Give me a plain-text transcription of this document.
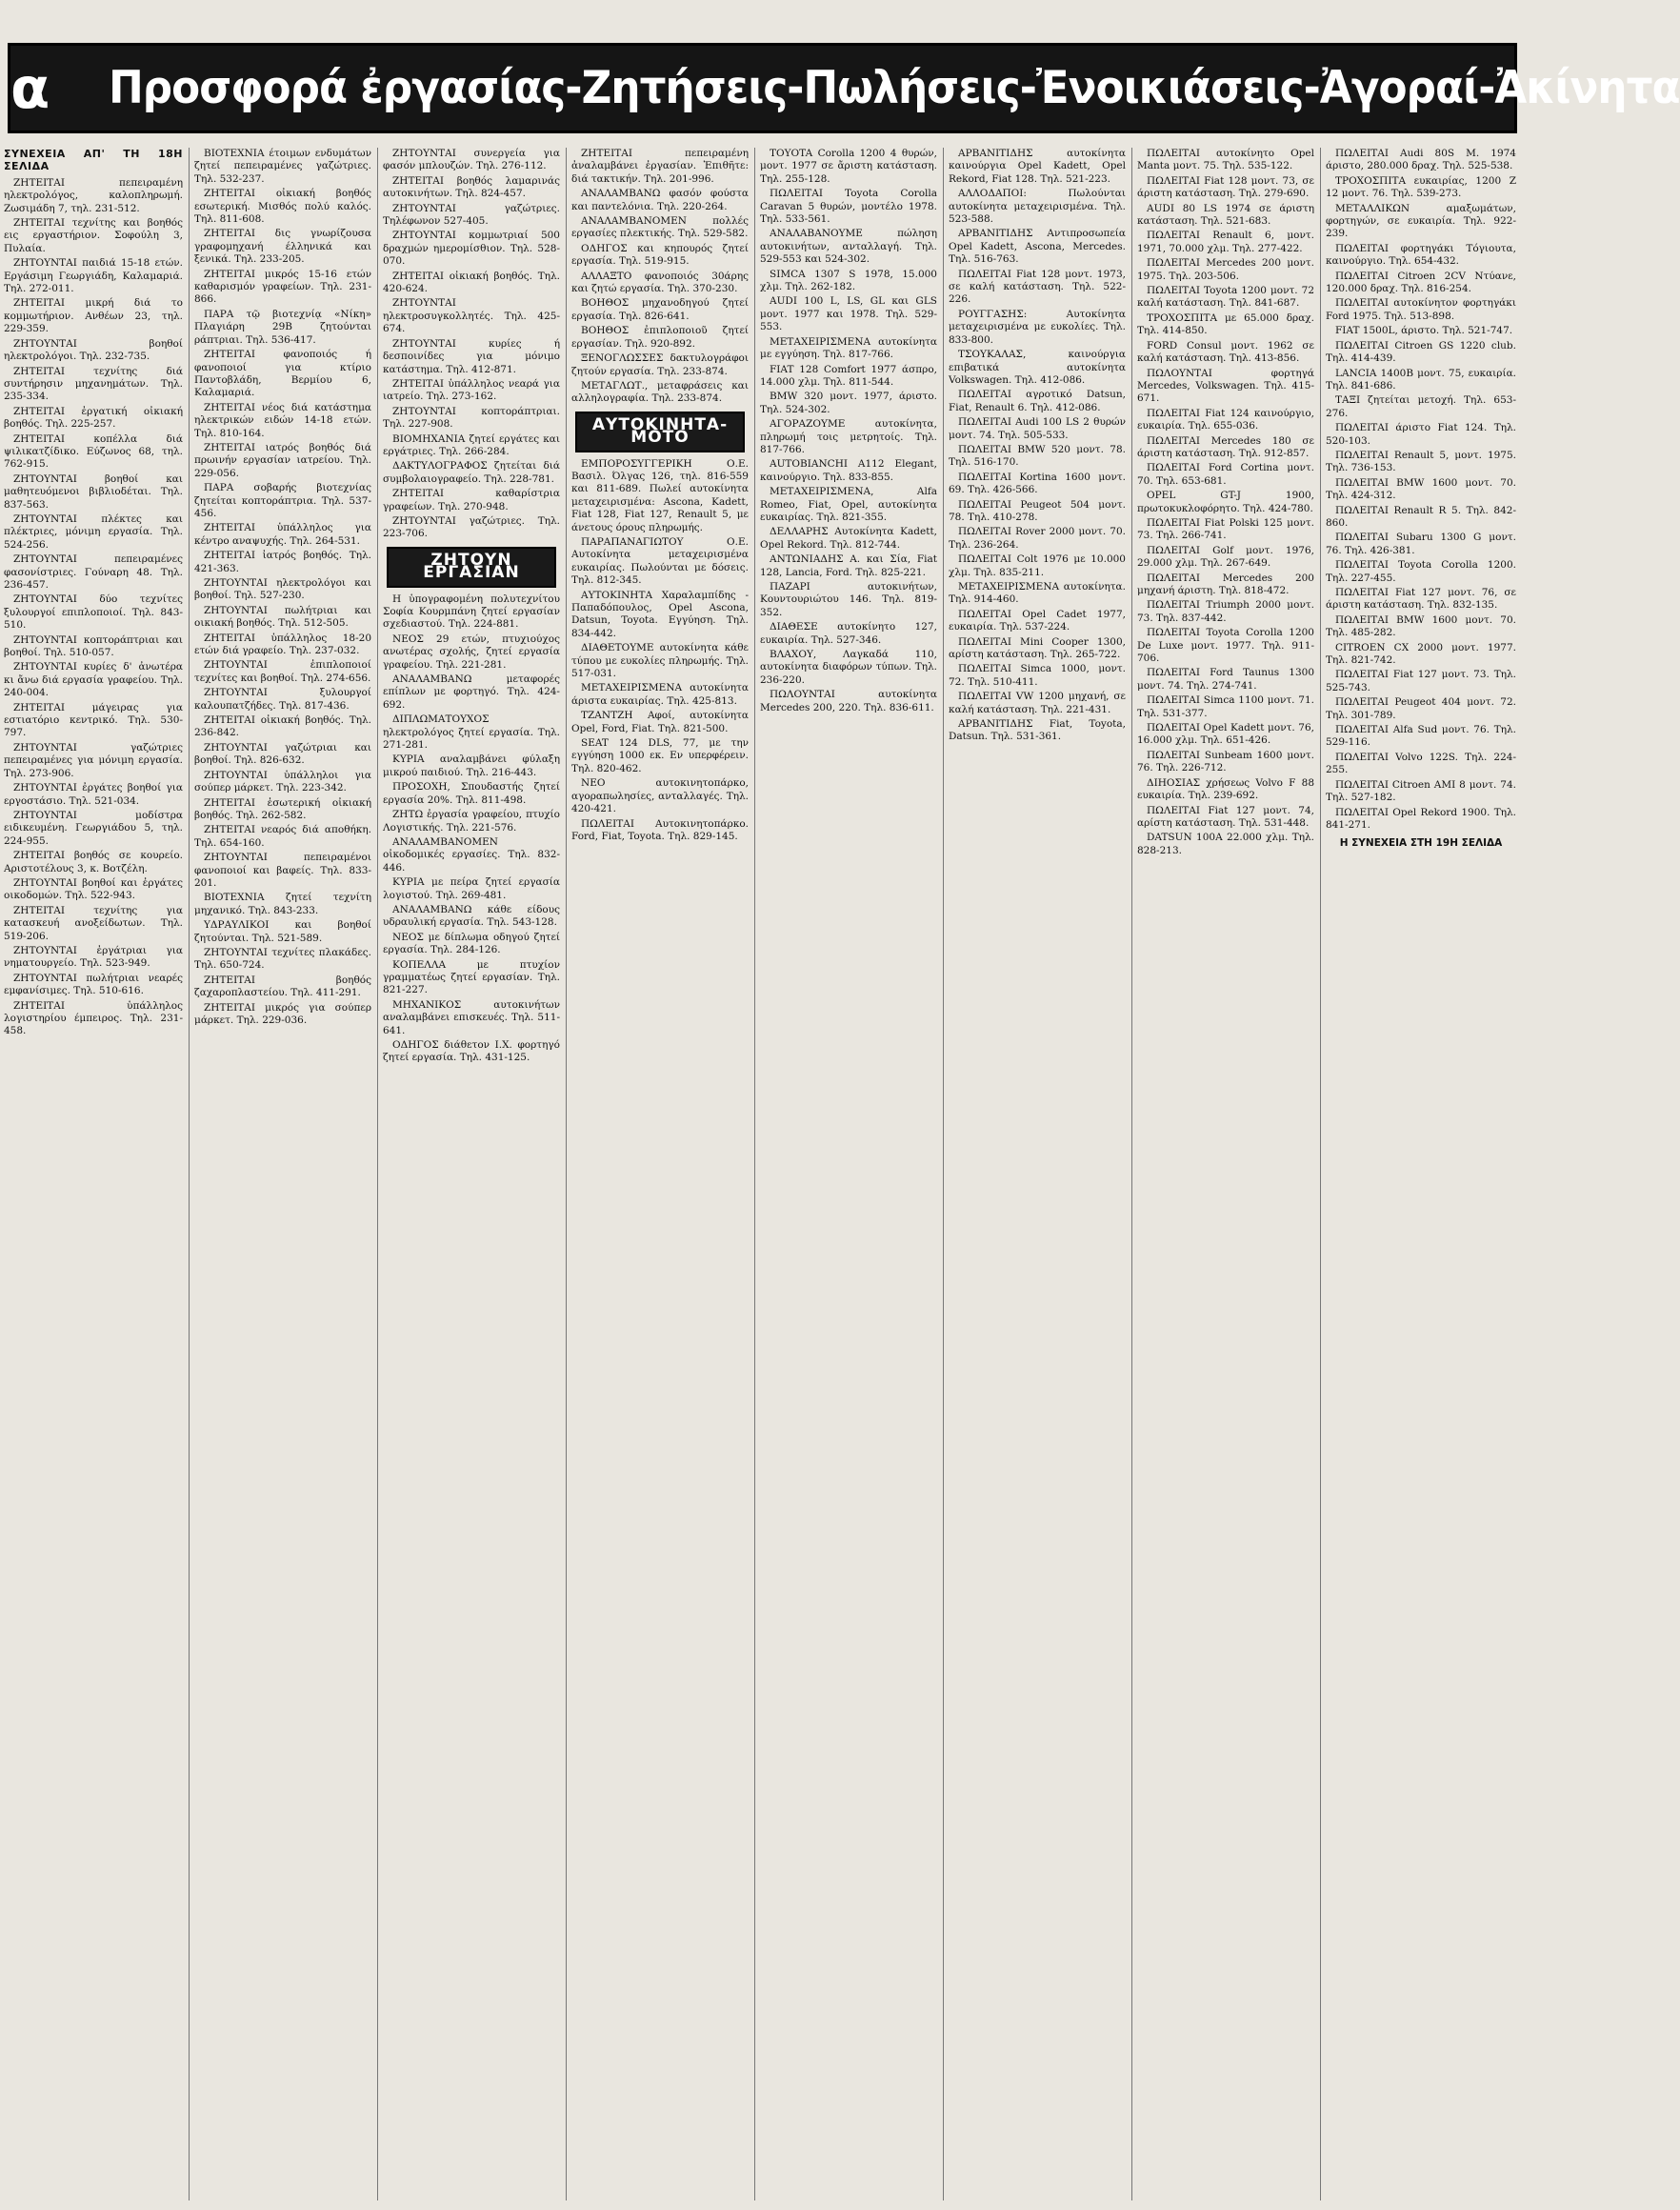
α Προσφορά ἐργασίας-Ζητήσεις-Πωλήσεις-Ἐνοικιάσεις-Ἀγοραί-Ἀκίνητα

ΣΥΝΕΧΕΙΑ ΑΠ' ΤΗ 18Η ΣΕΛΙΔΑ

ΖΗΤΕΙΤΑΙ πεπειραμένη ηλεκτρολόγος, καλοπληρωμή. Ζωσιμάδη 7, τηλ. 231-512.

ΖΗΤΕΙΤΑΙ τεχνίτης και βοηθός εις εργαστήριον. Σοφούλη 3, Πυλαία.

ΖΗΤΟΥΝΤΑΙ παιδιά 15-18 ετών. Εργάσιμη Γεωργιάδη, Καλαμαριά. Τηλ. 272-011.

ΖΗΤΕΙΤΑΙ μικρή διά το κομμωτήριον. Ανθέων 23, τηλ. 229-359.

ΖΗΤΟΥΝΤΑΙ βοηθοί ηλεκτρολόγοι. Τηλ. 232-735.

ΖΗΤΕΙΤΑΙ τεχνίτης διά συντήρησιν μηχανημάτων. Τηλ. 235-334.

ΖΗΤΕΙΤΑΙ ἐργατική οἰκιακή βοηθός. Τηλ. 225-257.

ΖΗΤΕΙΤΑΙ κοπέλλα διά ψιλικατζίδικο. Εύζωνος 68, τηλ. 762-915.

ΖΗΤΟΥΝΤΑΙ βοηθοί και μαθητευόμενοι βιβλιοδέται. Τηλ. 837-563.

ΖΗΤΟΥΝΤΑΙ πλέκτες και πλέκτριες, μόνιμη εργασία. Τηλ. 524-256.

ΖΗΤΟΥΝΤΑΙ πεπειραμένες φασονίστριες. Γούναρη 48. Τηλ. 236-457.

ΖΗΤΟΥΝΤΑΙ δύο τεχνίτες ξυλουργοί επιπλοποιοί. Τηλ. 843-510.

ΖΗΤΟΥΝΤΑΙ κοπτοράπτριαι και βοηθοί. Τηλ. 510-057.

ΖΗΤΟΥΝΤΑΙ κυρίες δ' ἀνωτέρα κι ἄνω διά εργασία γραφείου. Τηλ. 240-004.

ΖΗΤΕΙΤΑΙ μάγειρας για εστιατόριο κεντρικό. Τηλ. 530-797.

ΖΗΤΟΥΝΤΑΙ γαζώτριες πεπειραμένες για μόνιμη εργασία. Τηλ. 273-906.

ΖΗΤΟΥΝΤΑΙ ἐργάτες βοηθοί για εργοστάσιο. Τηλ. 521-034.

ΖΗΤΟΥΝΤΑΙ μοδίστρα ειδικευμένη. Γεωργιάδου 5, τηλ. 224-955.

ΖΗΤΕΙΤΑΙ βοηθός σε κουρείο. Αριστοτέλους 3, κ. Βοτζέλη.

ΖΗΤΟΥΝΤΑΙ βοηθοί και ἐργάτες οικοδομών. Τηλ. 522-943.

ΖΗΤΕΙΤΑΙ τεχνίτης για κατασκευή ανοξείδωτων. Τηλ. 519-206.

ΖΗΤΟΥΝΤΑΙ ἐργάτριαι για νηματουργείο. Τηλ. 523-949.

ΖΗΤΟΥΝΤΑΙ πωλήτριαι νεαρές εμφανίσιμες. Τηλ. 510-616.

ΖΗΤΕΙΤΑΙ ὑπάλληλος λογιστηρίου έμπειρος. Τηλ. 231-458.

ΒΙΟΤΕΧΝΙΑ έτοιμων ενδυμάτων ζητεί πεπειραμένες γαζώτριες. Τηλ. 532-237.

ΖΗΤΕΙΤΑΙ οἰκιακή βοηθός εσωτερική. Μισθός πολύ καλός. Τηλ. 811-608.

ΖΗΤΕΙΤΑΙ δις γνωρίζουσα γραφομηχανή έλληνικά και ξενικά. Τηλ. 233-205.

ΖΗΤΕΙΤΑΙ μικρός 15-16 ετών καθαρισμόν γραφείων. Τηλ. 231-866.

ΠΑΡΑ τῷ βιοτεχνίᾳ «Νίκη» Πλαγιάρη 29Β ζητούνται ράπτριαι. Τηλ. 536-417.

ΖΗΤΕΙΤΑΙ φανοποιός ή φανοποιοί για κτίριο Παντοβλάδη, Βερμίου 6, Καλαμαριά.

ΖΗΤΕΙΤΑΙ νέος διά κατάστημα ηλεκτρικών ειδών 14-18 ετών. Τηλ. 810-164.

ΖΗΤΕΙΤΑΙ ιατρός βοηθός διά πρωινήν εργασίαν ιατρείου. Τηλ. 229-056.

ΠΑΡΑ σοβαρής βιοτεχνίας ζητείται κοπτοράπτρια. Τηλ. 537-456.

ΖΗΤΕΙΤΑΙ ὑπάλληλος για κέντρο αναψυχής. Τηλ. 264-531.

ΖΗΤΕΙΤΑΙ ἰατρός βοηθός. Τηλ. 421-363.

ΖΗΤΟΥΝΤΑΙ ηλεκτρολόγοι και βοηθοί. Τηλ. 527-230.

ΖΗΤΟΥΝΤΑΙ πωλήτριαι και οικιακή βοηθός. Τηλ. 512-505.

ΖΗΤΕΙΤΑΙ ὑπάλληλος 18-20 ετών διά γραφείο. Τηλ. 237-032.

ΖΗΤΟΥΝΤΑΙ ἐπιπλοποιοί τεχνίτες και βοηθοί. Τηλ. 274-656.

ΖΗΤΟΥΝΤΑΙ ξυλουργοί καλουπατζήδες. Τηλ. 817-436.

ΖΗΤΕΙΤΑΙ οἰκιακή βοηθός. Τηλ. 236-842.

ΖΗΤΟΥΝΤΑΙ γαζώτριαι και βοηθοί. Τηλ. 826-632.

ΖΗΤΟΥΝΤΑΙ ὑπάλληλοι για σούπερ μάρκετ. Τηλ. 223-342.

ΖΗΤΕΙΤΑΙ ἐσωτερική οἰκιακή βοηθός. Τηλ. 262-582.

ΖΗΤΕΙΤΑΙ νεαρός διά αποθήκη. Τηλ. 654-160.

ΖΗΤΟΥΝΤΑΙ πεπειραμένοι φανοποιοί και βαφείς. Τηλ. 833-201.

ΒΙΟΤΕΧΝΙΑ ζητεί τεχνίτη μηχανικό. Τηλ. 843-233.

ΥΔΡΑΥΛΙΚΟΙ και βοηθοί ζητούνται. Τηλ. 521-589.

ΖΗΤΟΥΝΤΑΙ τεχνίτες πλακάδες. Τηλ. 650-724.

ΖΗΤΕΙΤΑΙ βοηθός ζαχαροπλαστείου. Τηλ. 411-291.

ΖΗΤΕΙΤΑΙ μικρός για σούπερ μάρκετ. Τηλ. 229-036.

ΖΗΤΟΥΝΤΑΙ συνεργεία για φασόν μπλουζών. Τηλ. 276-112.

ΖΗΤΕΙΤΑΙ βοηθός λαμαρινάς αυτοκινήτων. Τηλ. 824-457.

ΖΗΤΟΥΝΤΑΙ γαζώτριες. Τηλέφωνον 527-405.

ΖΗΤΟΥΝΤΑΙ κομμωτριαί 500 δραχμών ημερομίσθιον. Τηλ. 528-070.

ΖΗΤΕΙΤΑΙ οἰκιακή βοηθός. Τηλ. 420-624.

ΖΗΤΟΥΝΤΑΙ ηλεκτροσυγκολλητές. Τηλ. 425-674.

ΖΗΤΟΥΝΤΑΙ κυρίες ή δεσποινίδες για μόνιμο κατάστημα. Τηλ. 412-871.

ΖΗΤΕΙΤΑΙ ὑπάλληλος νεαρά για ιατρείο. Τηλ. 273-162.

ΖΗΤΟΥΝΤΑΙ κοπτοράπτριαι. Τηλ. 227-908.

ΒΙΟΜΗΧΑΝΙΑ ζητεί εργάτες και εργάτριες. Τηλ. 266-284.

ΔΑΚΤΥΛΟΓΡΑΦΟΣ ζητείται διά συμβολαιογραφείο. Τηλ. 228-781.

ΖΗΤΕΙΤΑΙ καθαρίστρια γραφείων. Τηλ. 270-948.

ΖΗΤΟΥΝΤΑΙ γαζώτριες. Τηλ. 223-706.

ΖΗΤΟΥΝ ΕΡΓΑΣΙΑΝ

Η ὑπογραφομένη πολυτεχνίτου Σοφία Κουρμπάνη ζητεί εργασίαν σχεδιαστού. Τηλ. 224-881.

ΝΕΟΣ 29 ετών, πτυχιούχος ανωτέρας σχολής, ζητεί εργασία γραφείου. Τηλ. 221-281.

ΑΝΑΛΑΜΒΑΝΩ μεταφορές επίπλων με φορτηγό. Τηλ. 424-692.

ΔΙΠΛΩΜΑΤΟΥΧΟΣ ηλεκτρολόγος ζητεί εργασία. Τηλ. 271-281.

ΚΥΡΙΑ αναλαμβάνει φύλαξη μικρού παιδιού. Τηλ. 216-443.

ΠΡΟΣΟΧΗ, Σπουδαστής ζητεί εργασία 20%. Τηλ. 811-498.

ΖΗΤΩ ἐργασία γραφείου, πτυχίο Λογιστικής. Τηλ. 221-576.

ΑΝΑΛΑΜΒΑΝΟΜΕΝ οἰκοδομικές εργασίες. Τηλ. 832-446.

ΚΥΡΙΑ με πείρα ζητεί εργασία λογιστού. Τηλ. 269-481.

ΑΝΑΛΑΜΒΑΝΩ κάθε είδους υδραυλική εργασία. Τηλ. 543-128.

ΝΕΟΣ με δίπλωμα οδηγού ζητεί εργασία. Τηλ. 284-126.

ΚΟΠΕΛΛΑ με πτυχίον γραμματέως ζητεί εργασίαν. Τηλ. 821-227.

ΜΗΧΑΝΙΚΟΣ αυτοκινήτων αναλαμβάνει επισκευές. Τηλ. 511-641.

ΟΔΗΓΟΣ διάθετον Ι.Χ. φορτηγό ζητεί εργασία. Τηλ. 431-125.

ΖΗΤΕΙΤΑΙ πεπειραμένη ἀναλαμβάνει ἐργασίαν. Ἐπιθῆτε: διά τακτικήν. Τηλ. 201-996.

ΑΝΑΛΑΜΒΑΝΩ φασόν φούστα και παντελόνια. Τηλ. 220-264.

ΑΝΑΛΑΜΒΑΝΟΜΕΝ πολλές εργασίες πλεκτικής. Τηλ. 529-582.

ΟΔΗΓΟΣ και κηπουρός ζητεί εργασία. Τηλ. 519-915.

ΑΛΛΑΞΤΟ φανοποιός 30άρης και ζητώ εργασία. Τηλ. 370-230.

ΒΟΗΘΟΣ μηχανοδηγού ζητεί εργασία. Τηλ. 826-641.

ΒΟΗΘΟΣ ἐπιπλοποιοῦ ζητεί εργασίαν. Τηλ. 920-892.

ΞΕΝΟΓΛΩΣΣΕΣ δακτυλογράφοι ζητούν εργασία. Τηλ. 233-874.

ΜΕΤΑΓΛΩΤ., μεταφράσεις και αλληλογραφία. Τηλ. 233-874.

ΑΥΤΟΚΙΝΗΤΑ-ΜΟΤΟ

ΕΜΠΟΡΟΣΥΓΓΕΡΙΚΗ Ο.Ε. Βασιλ. Όλγας 126, τηλ. 816-559 και 811-689. Πωλεί αυτοκίνητα μεταχειρισμένα: Ascona, Kadett, Fiat 128, Fiat 127, Renault 5, με άνετους όρους πληρωμής.

ΠΑΡΑΠΑΝΑΓΙΩΤΟΥ Ο.Ε. Αυτοκίνητα μεταχειρισμένα ευκαιρίας. Πωλούνται με δόσεις. Τηλ. 812-345.

ΑΥΤΟΚΙΝΗΤΑ Χαραλαμπίδης - Παπαδόπουλος, Opel Ascona, Datsun, Toyota. Εγγύηση. Τηλ. 834-442.

ΔΙΑΘΕΤΟΥΜΕ αυτοκίνητα κάθε τύπου με ευκολίες πληρωμής. Τηλ. 517-031.

ΜΕΤΑΧΕΙΡΙΣΜΕΝΑ αυτοκίνητα άριστα ευκαιρίας. Τηλ. 425-813.

ΤΖΑΝΤΖΗ Αφοί, αυτοκίνητα Opel, Ford, Fiat. Τηλ. 821-500.

SEAT 124 DLS, 77, με την εγγύηση 1000 εκ. Εν υπερφέρειν. Τηλ. 820-462.

ΝΕΟ αυτοκινητοπάρκο, αγοραπωλησίες, ανταλλαγές. Τηλ. 420-421.

ΠΩΛΕΙΤΑΙ Αυτοκινητοπάρκο. Ford, Fiat, Toyota. Τηλ. 829-145.

TOYOTA Corolla 1200 4 θυρών, μοντ. 1977 σε ἄριστη κατάσταση. Τηλ. 255-128.

ΠΩΛΕΙΤΑΙ Toyota Corolla Caravan 5 θυρών, μοντέλο 1978. Τηλ. 533-561.

ΑΝΑΛΑΒΑΝΟΥΜΕ πώληση αυτοκινήτων, ανταλλαγή. Τηλ. 529-553 και 524-302.

SIMCA 1307 S 1978, 15.000 χλμ. Τηλ. 262-182.

AUDI 100 L, LS, GL και GLS μοντ. 1977 και 1978. Τηλ. 529-553.

ΜΕΤΑΧΕΙΡΙΣΜΕΝΑ αυτοκίνητα με εγγύηση. Τηλ. 817-766.

FIAT 128 Comfort 1977 άσπρο, 14.000 χλμ. Τηλ. 811-544.

BMW 320 μοντ. 1977, άριστο. Τηλ. 524-302.

ΑΓΟΡΑΖΟΥΜΕ αυτοκίνητα, πληρωμή τοις μετρητοίς. Τηλ. 817-766.

AUTOBIANCHI A112 Elegant, καινούργιο. Τηλ. 833-855.

ΜΕΤΑΧΕΙΡΙΣΜΕΝΑ, Alfa Romeo, Fiat, Opel, αυτοκίνητα ευκαιρίας. Τηλ. 821-355.

ΔΕΛΛΑΡΗΣ Αυτοκίνητα Kadett, Opel Rekord. Τηλ. 812-744.

ΑΝΤΩΝΙΑΔΗΣ Α. και Σία, Fiat 128, Lancia, Ford. Τηλ. 825-221.

ΠΑΖΑΡΙ αυτοκινήτων, Κουντουριώτου 146. Τηλ. 819-352.

ΔΙΑΘΕΣΕ αυτοκίνητο 127, ευκαιρία. Τηλ. 527-346.

ΒΛΑΧΟΥ, Λαγκαδά 110, αυτοκίνητα διαφόρων τύπων. Τηλ. 236-220.

ΠΩΛΟΥΝΤΑΙ αυτοκίνητα Mercedes 200, 220. Τηλ. 836-611.

ΑΡΒΑΝΙΤΙΔΗΣ αυτοκίνητα καινούργια Opel Kadett, Opel Rekord, Fiat 128. Τηλ. 521-223.

ΑΛΛΟΔΑΠΟΙ: Πωλούνται αυτοκίνητα μεταχειρισμένα. Τηλ. 523-588.

ΑΡΒΑΝΙΤΙΔΗΣ Αντιπροσωπεία Opel Kadett, Ascona, Mercedes. Τηλ. 516-763.

ΠΩΛΕΙΤΑΙ Fiat 128 μοντ. 1973, σε καλή κατάσταση. Τηλ. 522-226.

ΡΟΥΓΓΑΣΗΣ: Αυτοκίνητα μεταχειρισμένα με ευκολίες. Τηλ. 833-800.

ΤΣΟΥΚΑΛΑΣ, καινούργια επιβατικά αυτοκίνητα Volkswagen. Τηλ. 412-086.

ΠΩΛΕΙΤΑΙ αγροτικό Datsun, Fiat, Renault 6. Τηλ. 412-086.

ΠΩΛΕΙΤΑΙ Audi 100 LS 2 θυρών μοντ. 74. Τηλ. 505-533.

ΠΩΛΕΙΤΑΙ BMW 520 μοντ. 78. Τηλ. 516-170.

ΠΩΛΕΙΤΑΙ Kortina 1600 μοντ. 69. Τηλ. 426-566.

ΠΩΛΕΙΤΑΙ Peugeot 504 μοντ. 78. Τηλ. 410-278.

ΠΩΛΕΙΤΑΙ Rover 2000 μοντ. 70. Τηλ. 236-264.

ΠΩΛΕΙΤΑΙ Colt 1976 με 10.000 χλμ. Τηλ. 835-211.

ΜΕΤΑΧΕΙΡΙΣΜΕΝΑ αυτοκίνητα. Τηλ. 914-460.

ΠΩΛΕΙΤΑΙ Opel Cadet 1977, ευκαιρία. Τηλ. 537-224.

ΠΩΛΕΙΤΑΙ Mini Cooper 1300, αρίστη κατάσταση. Τηλ. 265-722.

ΠΩΛΕΙΤΑΙ Simca 1000, μοντ. 72. Τηλ. 510-411.

ΠΩΛΕΙΤΑΙ VW 1200 μηχανή, σε καλή κατάσταση. Τηλ. 221-431.

ΑΡΒΑΝΙΤΙΔΗΣ Fiat, Toyota, Datsun. Τηλ. 531-361.

ΠΩΛΕΙΤΑΙ αυτοκίνητο Opel Manta μοντ. 75. Τηλ. 535-122.

ΠΩΛΕΙΤΑΙ Fiat 128 μοντ. 73, σε άριστη κατάσταση. Τηλ. 279-690.

AUDI 80 LS 1974 σε άριστη κατάσταση. Τηλ. 521-683.

ΠΩΛΕΙΤΑΙ Renault 6, μοντ. 1971, 70.000 χλμ. Τηλ. 277-422.

ΠΩΛΕΙΤΑΙ Mercedes 200 μοντ. 1975. Τηλ. 203-506.

ΠΩΛΕΙΤΑΙ Toyota 1200 μοντ. 72 καλή κατάσταση. Τηλ. 841-687.

ΤΡΟΧΟΣΠΙΤΑ με 65.000 δραχ. Τηλ. 414-850.

FORD Consul μοντ. 1962 σε καλή κατάσταση. Τηλ. 413-856.

ΠΩΛΟΥΝΤΑΙ φορτηγά Mercedes, Volkswagen. Τηλ. 415-671.

ΠΩΛΕΙΤΑΙ Fiat 124 καινούργιο, ευκαιρία. Τηλ. 655-036.

ΠΩΛΕΙΤΑΙ Mercedes 180 σε άριστη κατάσταση. Τηλ. 912-857.

ΠΩΛΕΙΤΑΙ Ford Cortina μοντ. 70. Τηλ. 653-681.

OPEL GT-J 1900, πρωτοκυκλοφόρητο. Τηλ. 424-780.

ΠΩΛΕΙΤΑΙ Fiat Polski 125 μοντ. 73. Τηλ. 266-741.

ΠΩΛΕΙΤΑΙ Golf μοντ. 1976, 29.000 χλμ. Τηλ. 267-649.

ΠΩΛΕΙΤΑΙ Mercedes 200 μηχανή άριστη. Τηλ. 818-472.

ΠΩΛΕΙΤΑΙ Triumph 2000 μοντ. 73. Τηλ. 837-442.

ΠΩΛΕΙΤΑΙ Toyota Corolla 1200 De Luxe μοντ. 1977. Τηλ. 911-706.

ΠΩΛΕΙΤΑΙ Ford Taunus 1300 μοντ. 74. Τηλ. 274-741.

ΠΩΛΕΙΤΑΙ Simca 1100 μοντ. 71. Τηλ. 531-377.

ΠΩΛΕΙΤΑΙ Opel Kadett μοντ. 76, 16.000 χλμ. Τηλ. 651-426.

ΠΩΛΕΙΤΑΙ Sunbeam 1600 μοντ. 76. Τηλ. 226-712.

ΔΙΗΟΣΙΑΣ χρήσεως Volvo F 88 ευκαιρία. Τηλ. 239-692.

ΠΩΛΕΙΤΑΙ Fiat 127 μοντ. 74, αρίστη κατάσταση. Τηλ. 531-448.

DATSUN 100Α 22.000 χλμ. Τηλ. 828-213.

ΠΩΛΕΙΤΑΙ Audi 80S Μ. 1974 άριστο, 280.000 δραχ. Τηλ. 525-538.

ΤΡΟΧΟΣΠΙΤΑ ευκαιρίας, 1200 Ζ 12 μοντ. 76. Τηλ. 539-273.

ΜΕΤΑΛΛΙΚΩΝ αμαξωμάτων, φορτηγών, σε ευκαιρία. Τηλ. 922-239.

ΠΩΛΕΙΤΑΙ φορτηγάκι Τόγιουτα, καινούργιο. Τηλ. 654-432.

ΠΩΛΕΙΤΑΙ Citroen 2CV Ντύανε, 120.000 δραχ. Τηλ. 816-254.

ΠΩΛΕΙΤΑΙ αυτοκίνητον φορτηγάκι Ford 1975. Τηλ. 513-898.

FIAT 1500L, άριστο. Τηλ. 521-747.

ΠΩΛΕΙΤΑΙ Citroen GS 1220 club. Τηλ. 414-439.

LANCIA 1400Β μοντ. 75, ευκαιρία. Τηλ. 841-686.

ΤΑΞΙ ζητείται μετοχή. Τηλ. 653-276.

ΠΩΛΕΙΤΑΙ άριστο Fiat 124. Τηλ. 520-103.

ΠΩΛΕΙΤΑΙ Renault 5, μοντ. 1975. Τηλ. 736-153.

ΠΩΛΕΙΤΑΙ BMW 1600 μοντ. 70. Τηλ. 424-312.

ΠΩΛΕΙΤΑΙ Renault R 5. Τηλ. 842-860.

ΠΩΛΕΙΤΑΙ Subaru 1300 G μοντ. 76. Τηλ. 426-381.

ΠΩΛΕΙΤΑΙ Toyota Corolla 1200. Τηλ. 227-455.

ΠΩΛΕΙΤΑΙ Fiat 127 μοντ. 76, σε άριστη κατάσταση. Τηλ. 832-135.

ΠΩΛΕΙΤΑΙ BMW 1600 μοντ. 70. Τηλ. 485-282.

CITROEN CX 2000 μοντ. 1977. Τηλ. 821-742.

ΠΩΛΕΙΤΑΙ Fiat 127 μοντ. 73. Τηλ. 525-743.

ΠΩΛΕΙΤΑΙ Peugeot 404 μοντ. 72. Τηλ. 301-789.

ΠΩΛΕΙΤΑΙ Alfa Sud μοντ. 76. Τηλ. 529-116.

ΠΩΛΕΙΤΑΙ Volvo 122S. Τηλ. 224-255.

ΠΩΛΕΙΤΑΙ Citroen AMI 8 μοντ. 74. Τηλ. 527-182.

ΠΩΛΕΙΤΑΙ Opel Rekord 1900. Τηλ. 841-271.

Η ΣΥΝΕΧΕΙΑ ΣΤΗ 19Η ΣΕΛΙΔΑ
